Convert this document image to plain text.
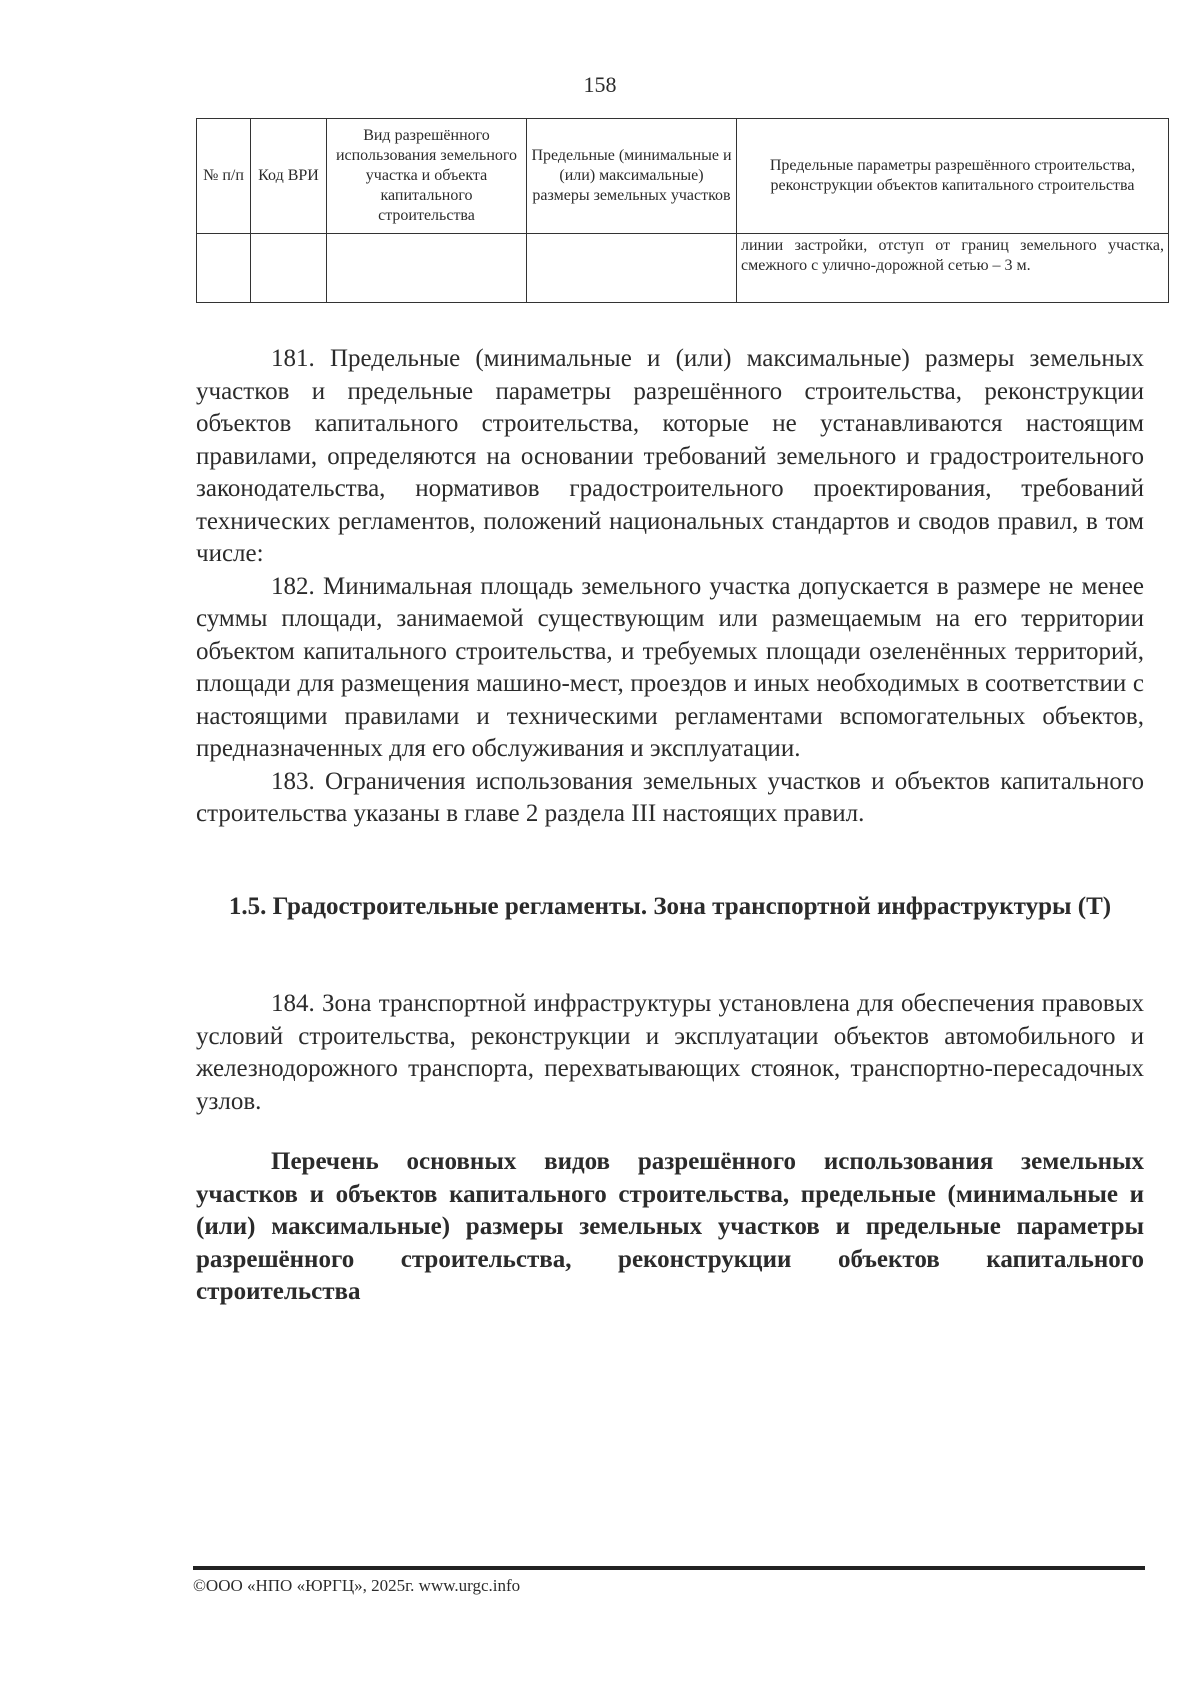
158
№ п/п	Код ВРИ	Вид разрешённого использования земельного участка и объекта капитального строительства	Предельные (минимальные и (или) максимальные) размеры земельных участков	Предельные параметры разрешённого строительства, реконструкции объектов капитального строительства
				линии застройки, отступ от границ земельного участка, смежного с улично-дорожной сетью – 3 м.

181. Предельные (минимальные и (или) максимальные) размеры земельных участков и предельные параметры разрешённого строительства, реконструкции объектов капитального строительства, которые не устанавливаются настоящим правилами, определяются на основании требований земельного и градостроительного законодательства, нормативов градостроительного проектирования, требований технических регламентов, положений национальных стандартов и сводов правил, в том числе:

182. Минимальная площадь земельного участка допускается в размере не менее суммы площади, занимаемой существующим или размещаемым на его территории объектом капитального строительства, и требуемых площади озеленённых территорий, площади для размещения машино-мест, проездов и иных необходимых в соответствии с настоящими правилами и техническими регламентами вспомогательных объектов, предназначенных для его обслуживания и эксплуатации.

183. Ограничения использования земельных участков и объектов капитального строительства указаны в главе 2 раздела III настоящих правил.

1.5. Градостроительные регламенты. Зона транспортной инфраструктуры (Т)

184. Зона транспортной инфраструктуры установлена для обеспечения правовых условий строительства, реконструкции и эксплуатации объектов автомобильного и железнодорожного транспорта, перехватывающих стоянок, транспортно-пересадочных узлов.

Перечень основных видов разрешённого использования земельных участков и объектов капитального строительства, предельные (минимальные и (или) максимальные) размеры земельных участков и предельные параметры разрешённого строительства, реконструкции объектов капитального строительства

©ООО «НПО «ЮРГЦ», 2025г. www.urgc.info
